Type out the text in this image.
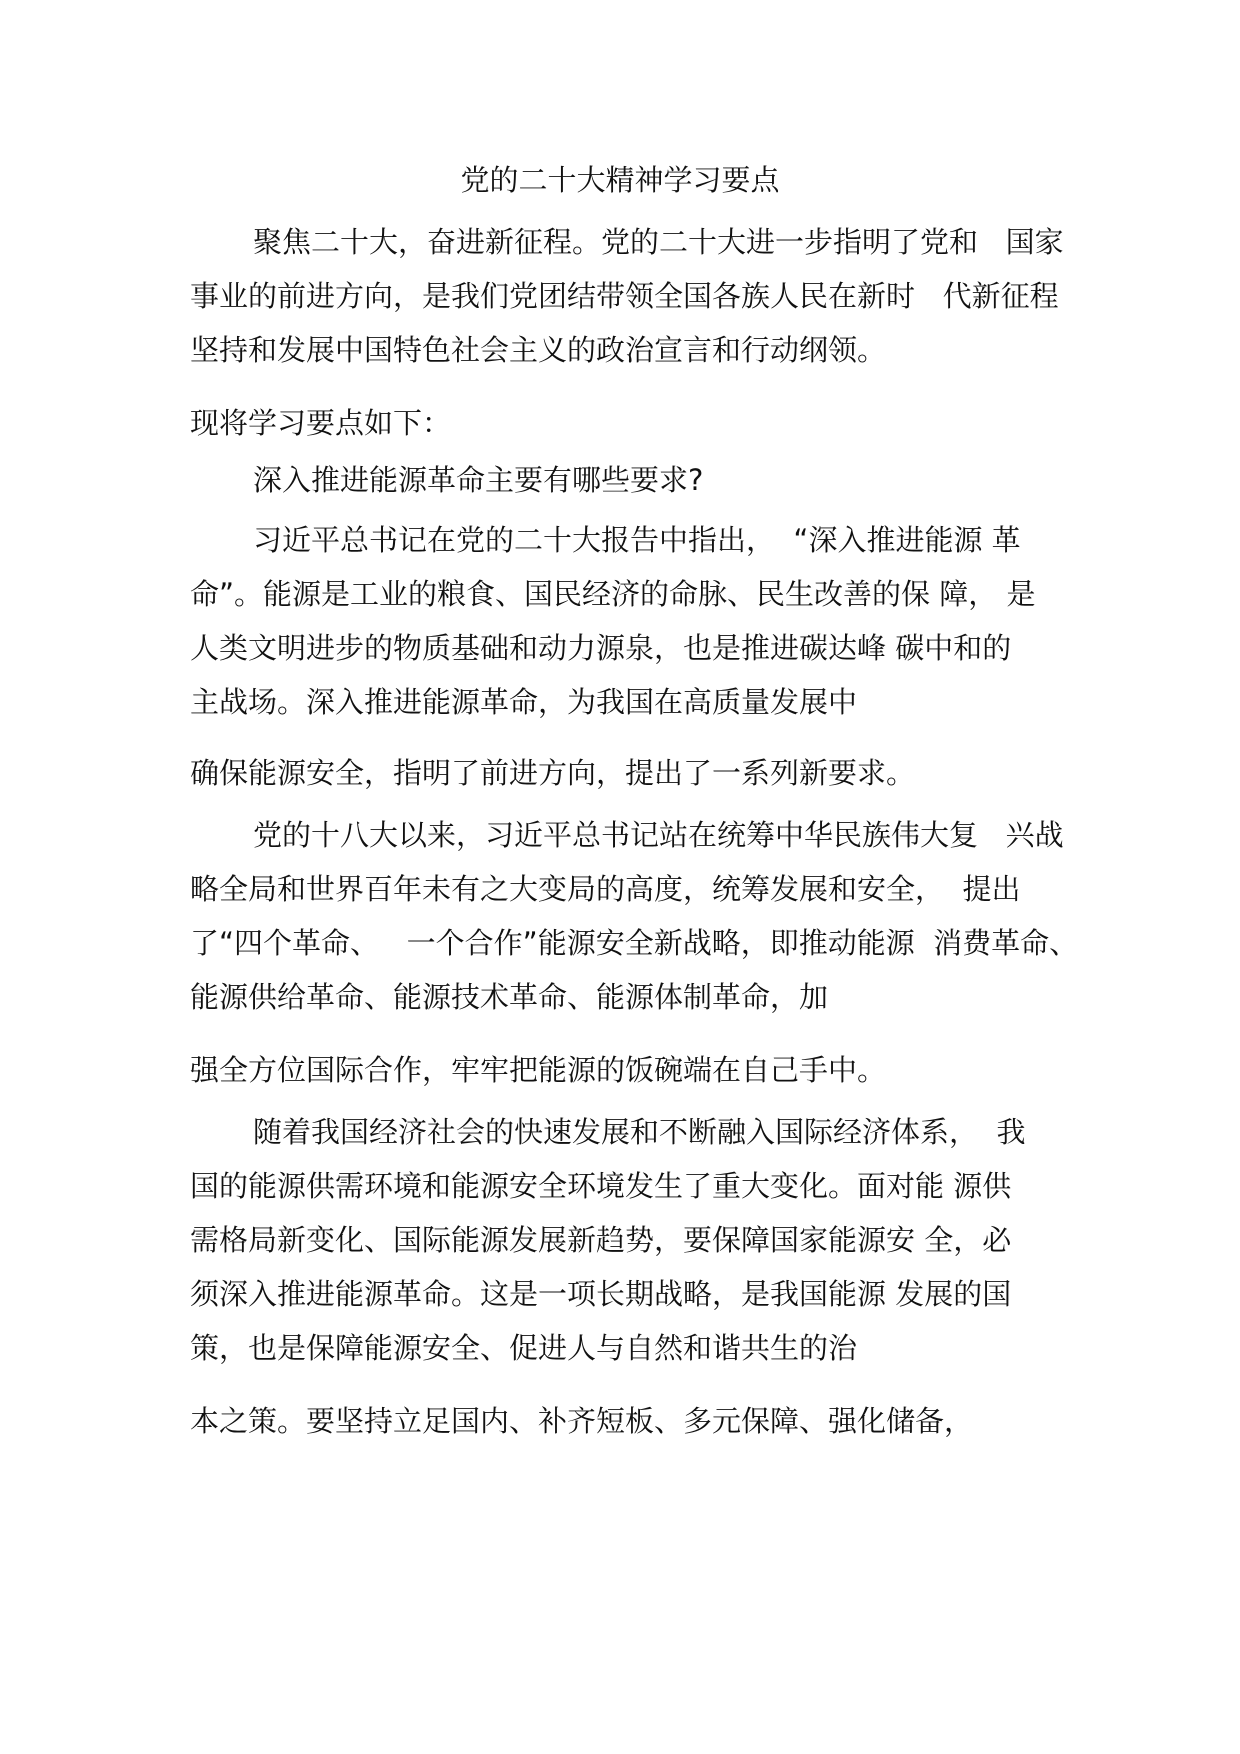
党的二十大精神学习要点
聚焦二十大，奋进新征程。党的二十大进一步指明了党和   国家
事业的前进方向，是我们党团结带领全国各族人民在新时   代新征程
坚持和发展中国特色社会主义的政治宣言和行动纲领。
现将学习要点如下：
深入推进能源革命主要有哪些要求?
习近平总书记在党的二十大报告中指出，  “深入推进能源 革
命”。能源是工业的粮食、国民经济的命脉、民生改善的保 障， 是
人类文明进步的物质基础和动力源泉，也是推进碳达峰 碳中和的
主战场。深入推进能源革命，为我国在高质量发展中
确保能源安全，指明了前进方向，提出了一系列新要求。
党的十八大以来，习近平总书记站在统筹中华民族伟大复   兴战
略全局和世界百年未有之大变局的高度，统筹发展和安全，  提出
了“四个革命、   一个合作”能源安全新战略，即推动能源  消费革命、
能源供给革命、能源技术革命、能源体制革命，加
强全方位国际合作，牢牢把能源的饭碗端在自己手中。
随着我国经济社会的快速发展和不断融入国际经济体系，  我
国的能源供需环境和能源安全环境发生了重大变化。面对能 源供
需格局新变化、国际能源发展新趋势，要保障国家能源安 全，必
须深入推进能源革命。这是一项长期战略，是我国能源 发展的国
策，也是保障能源安全、促进人与自然和谐共生的治
本之策。要坚持立足国内、补齐短板、多元保障、强化储备，
